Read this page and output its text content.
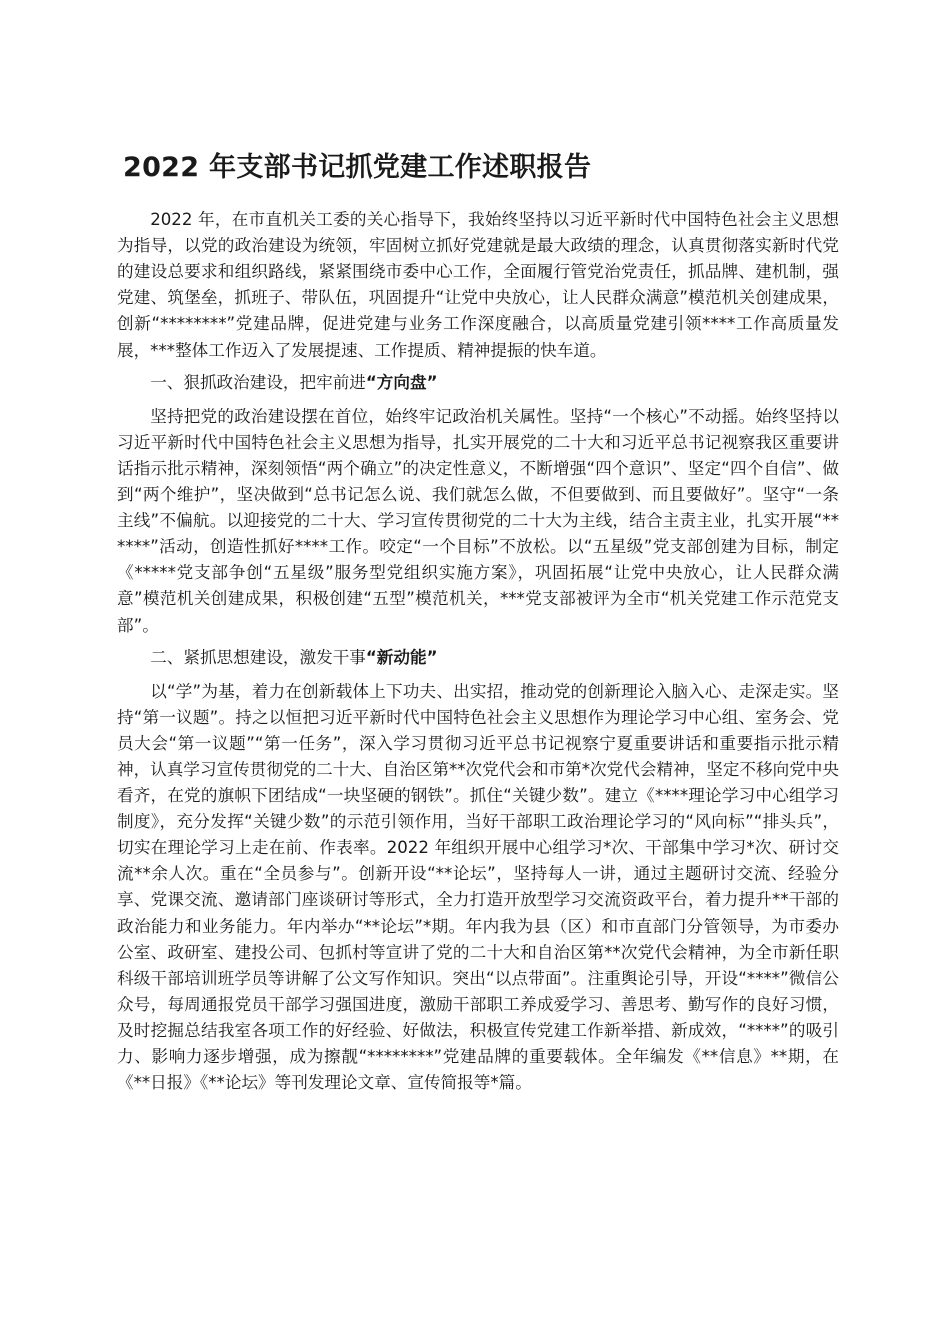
2022 年支部书记抓党建工作述职报告

2022 年，在市直机关工委的关心指导下，我始终坚持以习近平新时代中国特色社会主义思想为指导，以党的政治建设为统领，牢固树立抓好党建就是最大政绩的理念，认真贯彻落实新时代党的建设总要求和组织路线，紧紧围绕市委中心工作，全面履行管党治党责任，抓品牌、建机制，强党建、筑堡垒，抓班子、带队伍，巩固提升“让党中央放心，让人民群众满意”模范机关创建成果，创新“********”党建品牌，促进党建与业务工作深度融合，以高质量党建引领****工作高质量发展，***整体工作迈入了发展提速、工作提质、精神提振的快车道。

一、狠抓政治建设，把牢前进“方向盘”

坚持把党的政治建设摆在首位，始终牢记政治机关属性。坚持“一个核心”不动摇。始终坚持以习近平新时代中国特色社会主义思想为指导，扎实开展党的二十大和习近平总书记视察我区重要讲话指示批示精神，深刻领悟“两个确立”的决定性意义，不断增强“四个意识”、坚定“四个自信”、做到“两个维护”，坚决做到“总书记怎么说、我们就怎么做，不但要做到、而且要做好”。坚守“一条主线”不偏航。以迎接党的二十大、学习宣传贯彻党的二十大为主线，结合主责主业，扎实开展“******”活动，创造性抓好****工作。咬定“一个目标”不放松。以“五星级”党支部创建为目标，制定《*****党支部争创“五星级”服务型党组织实施方案》，巩固拓展“让党中央放心，让人民群众满意”模范机关创建成果，积极创建“五型”模范机关，***党支部被评为全市“机关党建工作示范党支部”。

二、紧抓思想建设，激发干事“新动能”

以“学”为基，着力在创新载体上下功夫、出实招，推动党的创新理论入脑入心、走深走实。坚持“第一议题”。持之以恒把习近平新时代中国特色社会主义思想作为理论学习中心组、室务会、党员大会“第一议题”“第一任务”，深入学习贯彻习近平总书记视察宁夏重要讲话和重要指示批示精神，认真学习宣传贯彻党的二十大、自治区第**次党代会和市第*次党代会精神，坚定不移向党中央看齐，在党的旗帜下团结成“一块坚硬的钢铁”。抓住“关键少数”。建立《****理论学习中心组学习制度》，充分发挥“关键少数”的示范引领作用，当好干部职工政治理论学习的“风向标”“排头兵”，切实在理论学习上走在前、作表率。2022 年组织开展中心组学习*次、干部集中学习*次、研讨交流**余人次。重在“全员参与”。创新开设“**论坛”，坚持每人一讲，通过主题研讨交流、经验分享、党课交流、邀请部门座谈研讨等形式，全力打造开放型学习交流资政平台，着力提升**干部的政治能力和业务能力。年内举办“**论坛”*期。年内我为县（区）和市直部门分管领导，为市委办公室、政研室、建投公司、包抓村等宣讲了党的二十大和自治区第**次党代会精神，为全市新任职科级干部培训班学员等讲解了公文写作知识。突出“以点带面”。注重舆论引导，开设“****”微信公众号，每周通报党员干部学习强国进度，激励干部职工养成爱学习、善思考、勤写作的良好习惯，及时挖掘总结我室各项工作的好经验、好做法，积极宣传党建工作新举措、新成效，“****”的吸引力、影响力逐步增强，成为擦靓“********”党建品牌的重要载体。全年编发《**信息》**期，在《**日报》《**论坛》等刊发理论文章、宣传简报等*篇。
